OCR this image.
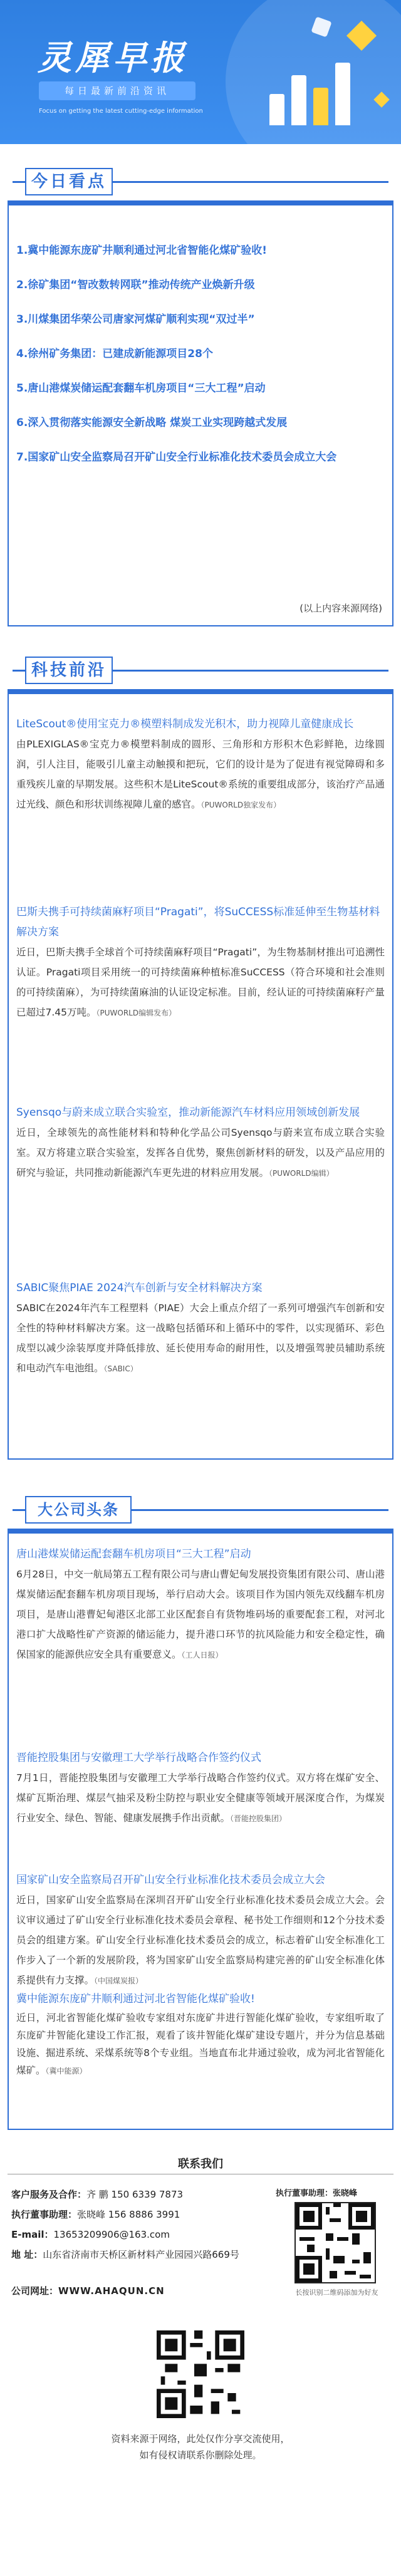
灵犀早报
每日最新前沿资讯
Focus on getting the latest cutting-edge information
今日看点
1.冀中能源东庞矿井顺利通过河北省智能化煤矿验收!
2.徐矿集团“智改数转网联”推动传统产业焕新升级
3.川煤集团华荣公司唐家河煤矿顺利实现“双过半”
4.徐州矿务集团：已建成新能源项目28个
5.唐山港煤炭储运配套翻车机房项目“三大工程”启动
6.深入贯彻落实能源安全新战略 煤炭工业实现跨越式发展
7.国家矿山安全监察局召开矿山安全行业标准化技术委员会成立大会
(以上内容来源网络)
科技前沿
LiteScout®使用宝克力®模塑料制成发光积木，助力视障儿童健康成长

由PLEXIGLAS®宝克力®模塑料制成的圆形、三角形和方形积木色彩鲜艳，边缘圆润，引人注目，能吸引儿童主动触摸和把玩，它们的设计是为了促进有视觉障碍和多重残疾儿童的早期发展。这些积木是LiteScout®系统的重要组成部分，该治疗产品通过光线、颜色和形状训练视障儿童的感官。（PUWORLD独家发布）

巴斯夫携手可持续菌麻籽项目“Pragati”，将SuCCESS标准延伸至生物基材料解决方案

近日，巴斯夫携手全球首个可持续菌麻籽项目“Pragati”，为生物基制材推出可追溯性认证。Pragati项目采用统一的可持续菌麻种植标准SuCCESS（符合环境和社会准则的可持续菌麻），为可持续菌麻油的认证设定标准。目前，经认证的可持续菌麻籽产量已超过7.45万吨。（PUWORLD编辑发布）

Syensqo与蔚来成立联合实验室，推动新能源汽车材料应用领域创新发展

近日，全球领先的高性能材料和特种化学品公司Syensqo与蔚来宣布成立联合实验室。双方将建立联合实验室，发挥各自优势，聚焦创新材料的研发，以及产品应用的研究与验证，共同推动新能源汽车更先进的材料应用发展。（PUWORLD编辑）

SABIC聚焦PIAE 2024汽车创新与安全材料解决方案

SABIC在2024年汽车工程塑料（PIAE）大会上重点介绍了一系列可增强汽车创新和安全性的特种材料解决方案。这一战略包括循环和上循环中的零件，以实现循环、彩色成型以减少涂装厚度并降低排放、延长使用寿命的耐用性，以及增强驾驶员辅助系统和电动汽车电池组。（SABIC）

大公司头条
唐山港煤炭储运配套翻车机房项目“三大工程”启动

6月28日，中交一航局第五工程有限公司与唐山曹妃甸发展投资集团有限公司、唐山港煤炭储运配套翻车机房项目现场，举行启动大会。该项目作为国内领先双线翻车机房项目，是唐山港曹妃甸港区北部工业区配套自有货物堆码场的重要配套工程，对河北港口扩大战略性矿产资源的储运能力，提升港口环节的抗风险能力和安全稳定性，确保国家的能源供应安全具有重要意义。（工人日报）

晋能控股集团与安徽理工大学举行战略合作签约仪式

7月1日，晋能控股集团与安徽理工大学举行战略合作签约仪式。双方将在煤矿安全、煤矿瓦斯治理、煤层气抽采及粉尘防控与职业安全健康等领域开展深度合作，为煤炭行业安全、绿色、智能、健康发展携手作出贡献。（晋能控股集团）

国家矿山安全监察局召开矿山安全行业标准化技术委员会成立大会

近日，国家矿山安全监察局在深圳召开矿山安全行业标准化技术委员会成立大会。会议审议通过了矿山安全行业标准化技术委员会章程、秘书处工作细则和12个分技术委员会的组建方案。矿山安全行业标准化技术委员会的成立，标志着矿山安全标准化工作步入了一个新的发展阶段，将为国家矿山安全监察局构建完善的矿山安全标准化体系提供有力支撑。（中国煤炭报）

冀中能源东庞矿井顺利通过河北省智能化煤矿验收!

近日，河北省智能化煤矿验收专家组对东庞矿井进行智能化煤矿验收，专家组听取了东庞矿井智能化建设工作汇报，观看了该井智能化煤矿建设专题片，并分为信息基础设施、掘进系统、采煤系统等8个专业组。当地直布北井通过验收，成为河北省智能化煤矿。（冀中能源）

联系我们
客户服务及合作：齐 鹏 150 6339 7873
执行董事助理：张晓峰 156 8886 3991
E-mail：13653209906@163.com
地 址：山东省济南市天桥区新材料产业园园兴路669号
公司网址：WWW.AHAQUN.CN
执行董事助理：张晓峰
长按识别二维码添加为好友
资料来源于网络，此处仅作分享交流使用，
如有侵权请联系你删除处理。
